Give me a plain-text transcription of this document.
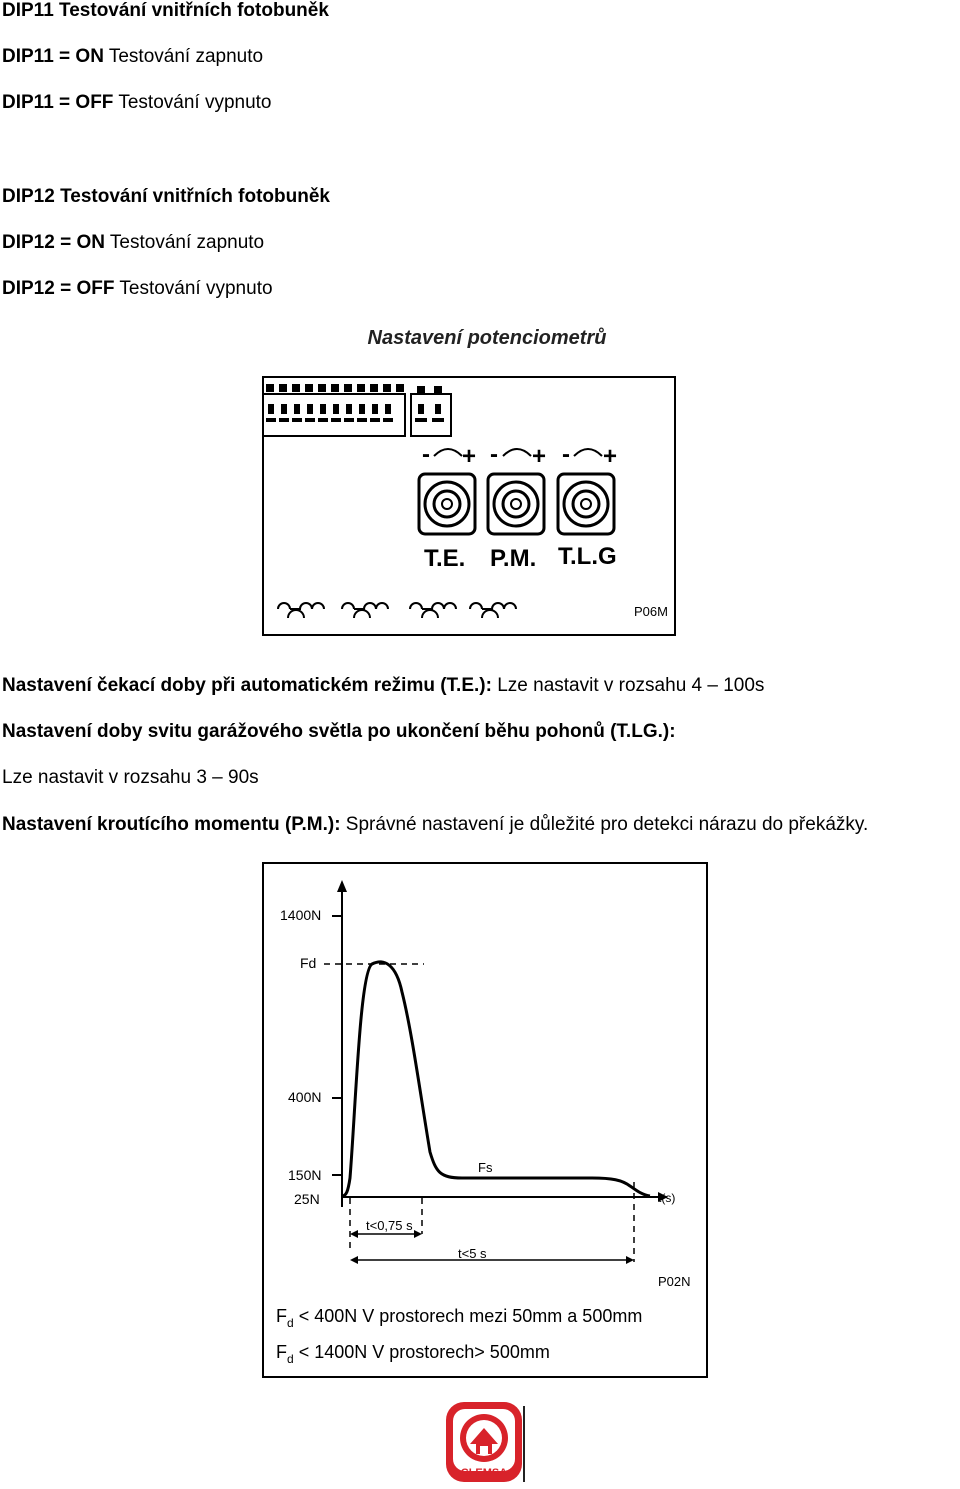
DIP11 Testování vnitřních fotobuněk
DIP11 = ON Testování zapnuto
DIP11 = OFF Testování vypnuto
DIP12 Testování vnitřních fotobuněk
DIP12 = ON Testování zapnuto
DIP12 = OFF Testování vypnuto
Nastavení potenciometrů
- +
T.E.
- +
P.M.
- +
T.L.G
P06M
Nastavení čekací doby při automatickém režimu (T.E.): Lze nastavit v rozsahu 4 – 100s
Nastavení doby svitu garážového světla po ukončení běhu pohonů (T.LG.):
Lze nastavit v rozsahu 3 – 90s
Nastavení kroutícího momentu (P.M.): Správné nastavení je důležité pro detekci nárazu do překážky.
1400N
Fd
400N
150N
25N
Fs
t(s)
t<0,75 s
t<5 s
P02N
$F_d < 400N$ V prostorech mezi 50mm a 500mm
$F_d < 1400N$ V prostorech> 500mm
CLEMSA
